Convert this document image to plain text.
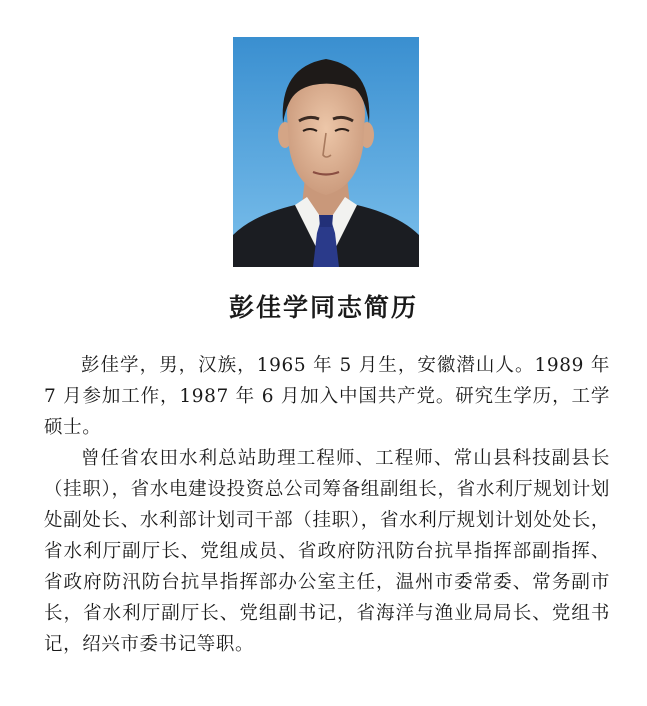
彭佳学同志简历

彭佳学，男，汉族，1965 年 5 月生，安徽潜山人。1989 年 7 月参加工作，1987 年 6 月加入中国共产党。研究生学历，工学硕士。

曾任省农田水利总站助理工程师、工程师、常山县科技副县长（挂职），省水电建设投资总公司筹备组副组长，省水利厅规划计划处副处长、水利部计划司干部（挂职），省水利厅规划计划处处长，省水利厅副厅长、党组成员、省政府防汛防台抗旱指挥部副指挥、省政府防汛防台抗旱指挥部办公室主任，温州市委常委、常务副市长，省水利厅副厅长、党组副书记，省海洋与渔业局局长、党组书记，绍兴市委书记等职。
